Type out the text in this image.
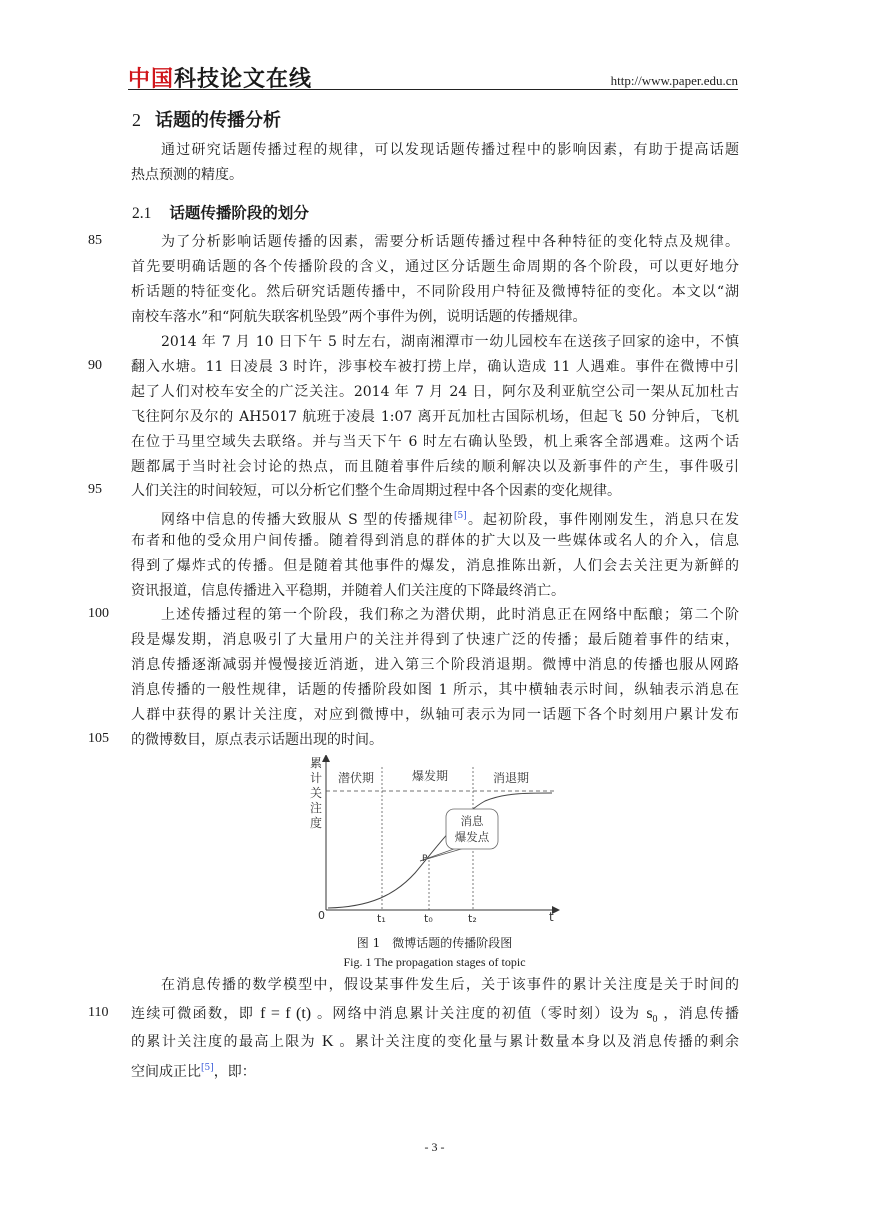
中国科技论文在线	http://www.paper.edu.cn
2 话题的传播分析
通过研究话题传播过程的规律，可以发现话题传播过程中的影响因素，有助于提高话题
热点预测的精度。
2.1 话题传播阶段的划分
85
90
95
100
105
110
为了分析影响话题传播的因素，需要分析话题传播过程中各种特征的变化特点及规律。
首先要明确话题的各个传播阶段的含义，通过区分话题生命周期的各个阶段，可以更好地分
析话题的特征变化。然后研究话题传播中，不同阶段用户特征及微博特征的变化。本文以“湖
南校车落水”和“阿航失联客机坠毁”两个事件为例，说明话题的传播规律。
2014 年 7 月 10 日下午 5 时左右，湖南湘潭市一幼儿园校车在送孩子回家的途中，不慎
翻入水塘。11 日凌晨 3 时许，涉事校车被打捞上岸，确认造成 11 人遇难。事件在微博中引
起了人们对校车安全的广泛关注。2014 年 7 月 24 日，阿尔及利亚航空公司一架从瓦加杜古
飞往阿尔及尔的 AH5017 航班于凌晨 1:07 离开瓦加杜古国际机场，但起飞 50 分钟后，飞机
在位于马里空域失去联络。并与当天下午 6 时左右确认坠毁，机上乘客全部遇难。这两个话
题都属于当时社会讨论的热点，而且随着事件后续的顺利解决以及新事件的产生，事件吸引
人们关注的时间较短，可以分析它们整个生命周期过程中各个因素的变化规律。
网络中信息的传播大致服从 S 型的传播规律[5]。起初阶段，事件刚刚发生，消息只在发
布者和他的受众用户间传播。随着得到消息的群体的扩大以及一些媒体或名人的介入，信息
得到了爆炸式的传播。但是随着其他事件的爆发，消息推陈出新，人们会去关注更为新鲜的
资讯报道，信息传播进入平稳期，并随着人们关注度的下降最终消亡。
上述传播过程的第一个阶段，我们称之为潜伏期，此时消息正在网络中酝酿；第二个阶
段是爆发期，消息吸引了大量用户的关注并得到了快速广泛的传播；最后随着事件的结束，
消息传播逐渐减弱并慢慢接近消逝，进入第三个阶段消退期。微博中消息的传播也服从网路
消息传播的一般性规律，话题的传播阶段如图 1 所示，其中横轴表示时间，纵轴表示消息在
人群中获得的累计关注度，对应到微博中，纵轴可表示为同一话题下各个时刻用户累计发布
的微博数目，原点表示话题出现的时间。
消息
爆发点
P
潜伏期	爆发期	消退期
累 计 关 注 度
0	t₁	t₀	t₂	t
图 1　微博话题的传播阶段图
Fig. 1 The propagation stages of topic
在消息传播的数学模型中，假设某事件发生后，关于该事件的累计关注度是关于时间的
连续可微函数，即 f = f (t) 。网络中消息累计关注度的初值（零时刻）设为 $s_0$ ，消息传播
的累计关注度的最高上限为 K 。累计关注度的变化量与累计数量本身以及消息传播的剩余
空间成正比[5]，即：
- 3 -
